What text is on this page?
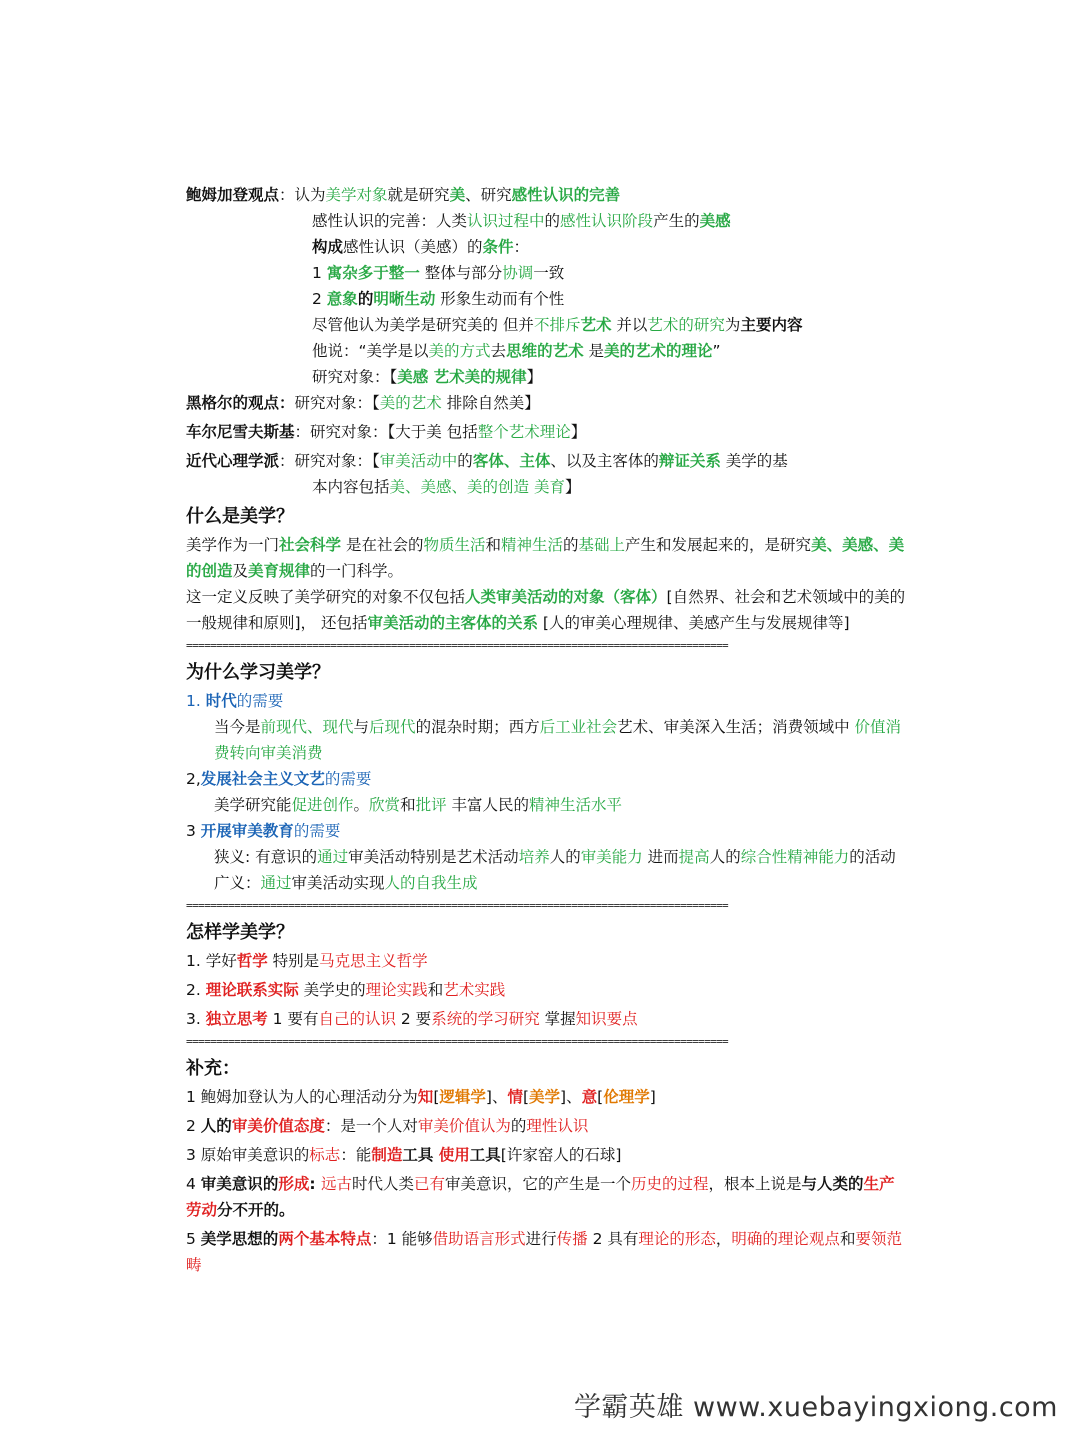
鲍姆加登观点：认为美学对象就是研究美、研究感性认识的完善
感性认识的完善：人类认识过程中的感性认识阶段产生的美感
构成感性认识（美感）的条件：
1 寓杂多于整一 整体与部分协调一致
2 意象的明晰生动 形象生动而有个性
尽管他认为美学是研究美的 但并不排斥艺术 并以艺术的研究为主要内容
他说：“美学是以美的方式去思维的艺术 是美的艺术的理论”
研究对象：【美感 艺术美的规律】
黑格尔的观点：研究对象：【美的艺术 排除自然美】
车尔尼雪夫斯基：研究对象：【大于美 包括整个艺术理论】
近代心理学派：研究对象：【审美活动中的客体、主体、以及主客体的辩证关系 美学的基
本内容包括美、美感、美的创造 美育】
什么是美学？
美学作为一门社会科学 是在社会的物质生活和精神生活的基础上产生和发展起来的，是研究美、美感、美的创造及美育规律的一门科学。
这一定义反映了美学研究的对象不仅包括人类审美活动的对象（客体）[自然界、社会和艺术领域中的美的一般规律和原则]， 还包括审美活动的主客体的关系 [人的审美心理规律、美感产生与发展规律等]
==========================================================================================
为什么学习美学？
1. 时代的需要
当今是前现代、现代与后现代的混杂时期；西方后工业社会艺术、审美深入生活；消费领域中 价值消费转向审美消费
2,发展社会主义文艺的需要
美学研究能促进创作。欣赏和批评 丰富人民的精神生活水平
3 开展审美教育的需要
狭义: 有意识的通过审美活动特别是艺术活动培养人的审美能力 进而提高人的综合性精神能力的活动
广义：通过审美活动实现人的自我生成
==========================================================================================
怎样学美学？
1. 学好哲学 特别是马克思主义哲学
2. 理论联系实际 美学史的理论实践和艺术实践
3. 独立思考 1 要有自己的认识 2 要系统的学习研究 掌握知识要点
==========================================================================================
补充：
1 鲍姆加登认为人的心理活动分为知[逻辑学]、情[美学]、意[伦理学]
2 人的审美价值态度：是一个人对审美价值认为的理性认识
3 原始审美意识的标志：能制造工具 使用工具[许家窑人的石球]
4 审美意识的形成: 远古时代人类已有审美意识，它的产生是一个历史的过程，根本上说是与人类的生产劳动分不开的。
5 美学思想的两个基本特点：1 能够借助语言形式进行传播 2 具有理论的形态，明确的理论观点和要领范畴
学霸英雄 www.xuebayingxiong.com
